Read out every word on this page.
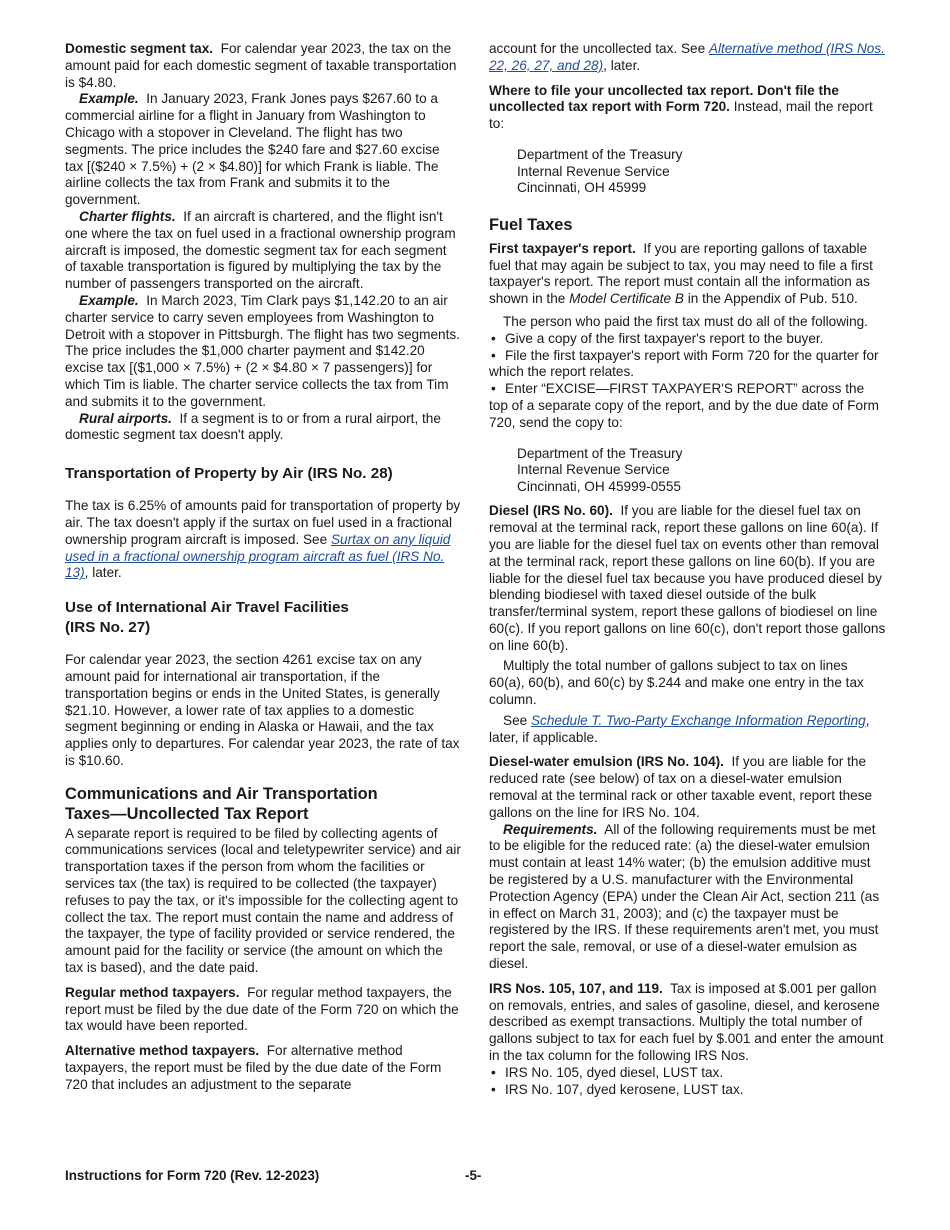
Domestic segment tax. For calendar year 2023, the tax on the amount paid for each domestic segment of taxable transportation is $4.80.

Example. In January 2023, Frank Jones pays $267.60 to a commercial airline for a flight in January from Washington to Chicago with a stopover in Cleveland. The flight has two segments. The price includes the $240 fare and $27.60 excise tax [($240 × 7.5%) + (2 × $4.80)] for which Frank is liable. The airline collects the tax from Frank and submits it to the government.

Charter flights. If an aircraft is chartered, and the flight isn't one where the tax on fuel used in a fractional ownership program aircraft is imposed, the domestic segment tax for each segment of taxable transportation is figured by multiplying the tax by the number of passengers transported on the aircraft.

Example. In March 2023, Tim Clark pays $1,142.20 to an air charter service to carry seven employees from Washington to Detroit with a stopover in Pittsburgh. The flight has two segments. The price includes the $1,000 charter payment and $142.20 excise tax [($1,000 × 7.5%) + (2 × $4.80 × 7 passengers)] for which Tim is liable. The charter service collects the tax from Tim and submits it to the government.

Rural airports. If a segment is to or from a rural airport, the domestic segment tax doesn't apply.

Transportation of Property by Air (IRS No. 28)

The tax is 6.25% of amounts paid for transportation of property by air. The tax doesn't apply if the surtax on fuel used in a fractional ownership program aircraft is imposed. See Surtax on any liquid used in a fractional ownership program aircraft as fuel (IRS No. 13), later.

Use of International Air Travel Facilities
(IRS No. 27)

For calendar year 2023, the section 4261 excise tax on any amount paid for international air transportation, if the transportation begins or ends in the United States, is generally $21.10. However, a lower rate of tax applies to a domestic segment beginning or ending in Alaska or Hawaii, and the tax applies only to departures. For calendar year 2023, the rate of tax is $10.60.

Communications and Air Transportation
Taxes—Uncollected Tax Report

A separate report is required to be filed by collecting agents of communications services (local and teletypewriter service) and air transportation taxes if the person from whom the facilities or services tax (the tax) is required to be collected (the taxpayer) refuses to pay the tax, or it's impossible for the collecting agent to collect the tax. The report must contain the name and address of the taxpayer, the type of facility provided or service rendered, the amount paid for the facility or service (the amount on which the tax is based), and the date paid.

Regular method taxpayers. For regular method taxpayers, the report must be filed by the due date of the Form 720 on which the tax would have been reported.

Alternative method taxpayers. For alternative method taxpayers, the report must be filed by the due date of the Form 720 that includes an adjustment to the separate

account for the uncollected tax. See Alternative method (IRS Nos. 22, 26, 27, and 28), later.

Where to file your uncollected tax report. Don't file the uncollected tax report with Form 720. Instead, mail the report to:

Department of the Treasury
Internal Revenue Service
Cincinnati, OH 45999
Fuel Taxes

First taxpayer's report. If you are reporting gallons of taxable fuel that may again be subject to tax, you may need to file a first taxpayer's report. The report must contain all the information as shown in the Model Certificate B in the Appendix of Pub. 510.

The person who paid the first tax must do all of the following.

• Give a copy of the first taxpayer's report to the buyer.

• File the first taxpayer's report with Form 720 for the quarter for which the report relates.

• Enter “EXCISE—FIRST TAXPAYER'S REPORT” across the top of a separate copy of the report, and by the due date of Form 720, send the copy to:

Department of the Treasury
Internal Revenue Service
Cincinnati, OH 45999-0555

Diesel (IRS No. 60). If you are liable for the diesel fuel tax on removal at the terminal rack, report these gallons on line 60(a). If you are liable for the diesel fuel tax on events other than removal at the terminal rack, report these gallons on line 60(b). If you are liable for the diesel fuel tax because you have produced diesel by blending biodiesel with taxed diesel outside of the bulk transfer/terminal system, report these gallons of biodiesel on line 60(c). If you report gallons on line 60(c), don't report those gallons on line 60(b).

Multiply the total number of gallons subject to tax on lines 60(a), 60(b), and 60(c) by $.244 and make one entry in the tax column.

See Schedule T. Two-Party Exchange Information Reporting, later, if applicable.

Diesel-water emulsion (IRS No. 104). If you are liable for the reduced rate (see below) of tax on a diesel-water emulsion removal at the terminal rack or other taxable event, report these gallons on the line for IRS No. 104.

Requirements. All of the following requirements must be met to be eligible for the reduced rate: (a) the diesel-water emulsion must contain at least 14% water; (b) the emulsion additive must be registered by a U.S. manufacturer with the Environmental Protection Agency (EPA) under the Clean Air Act, section 211 (as in effect on March 31, 2003); and (c) the taxpayer must be registered by the IRS. If these requirements aren't met, you must report the sale, removal, or use of a diesel-water emulsion as diesel.

IRS Nos. 105, 107, and 119. Tax is imposed at $.001 per gallon on removals, entries, and sales of gasoline, diesel, and kerosene described as exempt transactions. Multiply the total number of gallons subject to tax for each fuel by $.001 and enter the amount in the tax column for the following IRS Nos.

• IRS No. 105, dyed diesel, LUST tax.

• IRS No. 107, dyed kerosene, LUST tax.

Instructions for Form 720 (Rev. 12-2023)	-5-
